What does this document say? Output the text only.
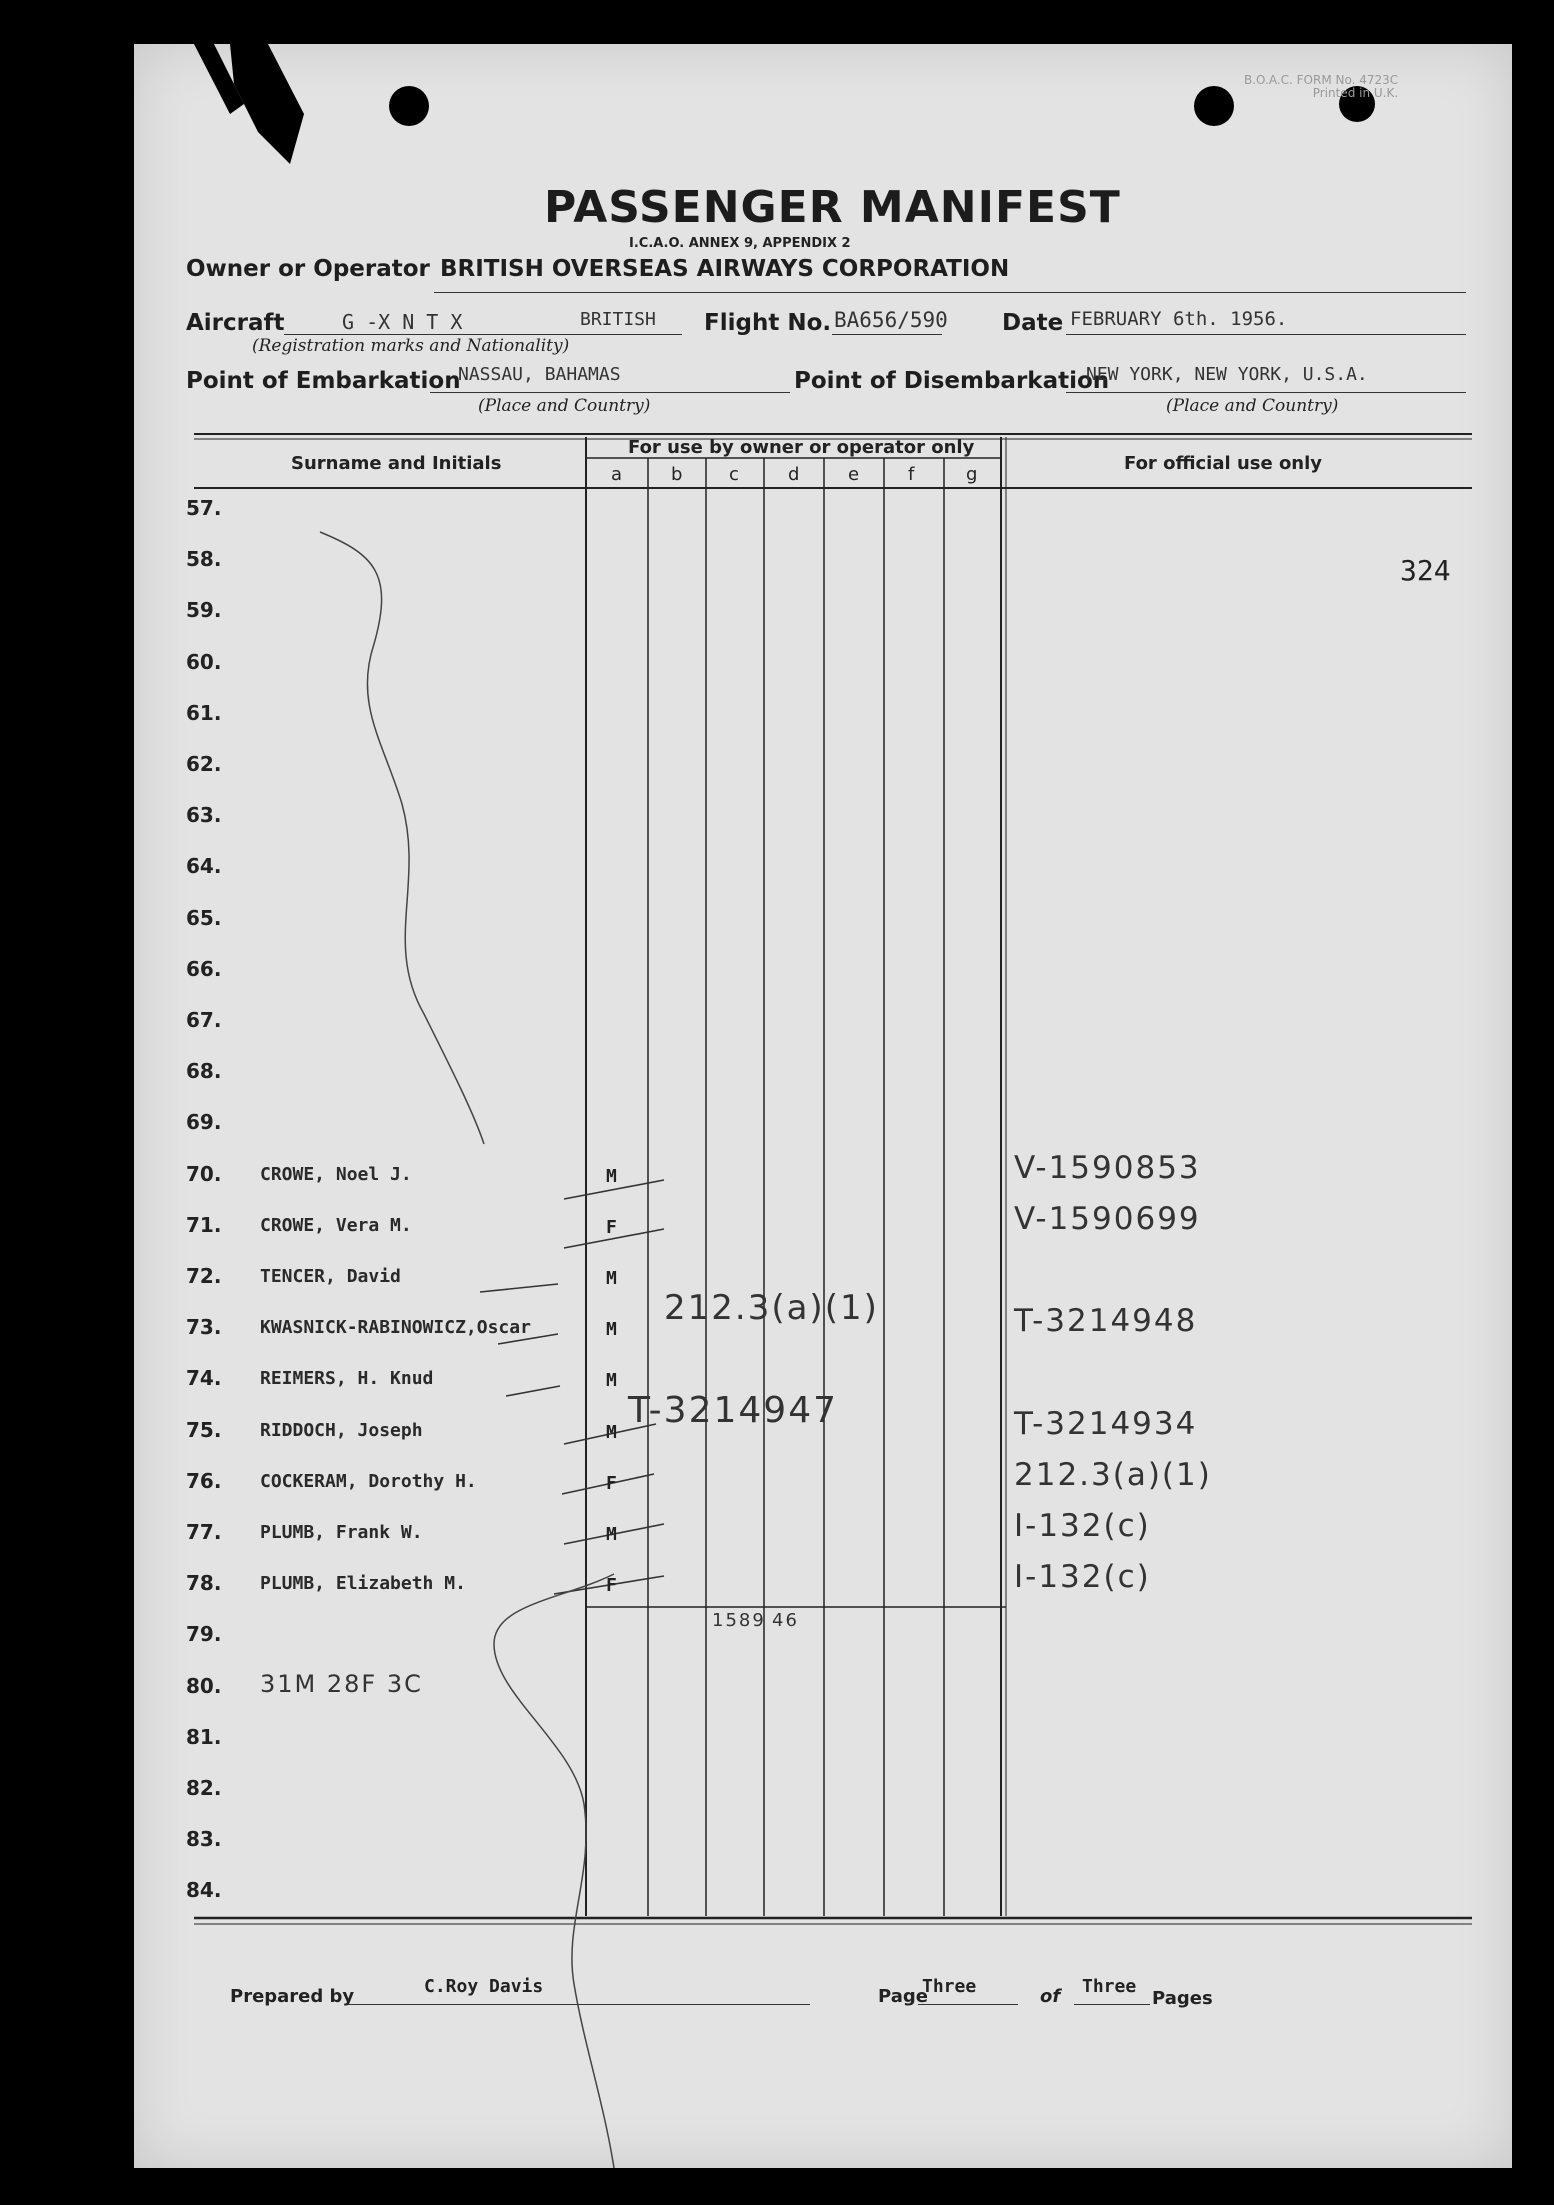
B.O.A.C. FORM No. 4723C
Printed in U.K.
PASSENGER MANIFEST
I.C.A.O. ANNEX 9, APPENDIX 2
Owner or Operator BRITISH OVERSEAS AIRWAYS CORPORATION
Aircraft	G -X N T X	BRITISH Flight No. BA656/590 Date FEBRUARY 6th. 1956.
(Registration marks and Nationality)
Point of Embarkation
NASSAU, BAHAMAS
(Place and Country)
Point of Disembarkation
NEW YORK, NEW YORK, U.S.A.
(Place and Country)
Surname and Initials
For use by owner or operator only
For official use only
a	b	c	d	e	f	g
324
57.
58.
59.
60.
61.
62.
63.
64.
65.
66.
67.
68.
69.
70. CROWE, Noel J.	M	V-1590853
71. CROWE, Vera M.	F	V-1590699
72. TENCER, David	M
73. KWASNICK-RABINOWICZ,Oscar	M	T-3214948
74. REIMERS, H. Knud	M
75. RIDDOCH, Joseph	M	T-3214934
76. COCKERAM, Dorothy H.	F	212.3(a)(1)
77. PLUMB, Frank W.	M	I-132(c)
78. PLUMB, Elizabeth M.	F	I-132(c)
79.
80. 31M 28F 3C
81.
82.
83.
84.
212.3(a)(1)
T-3214947
1589 46
Prepared by	C.Roy Davis	Page
Three	of Three
Pages
